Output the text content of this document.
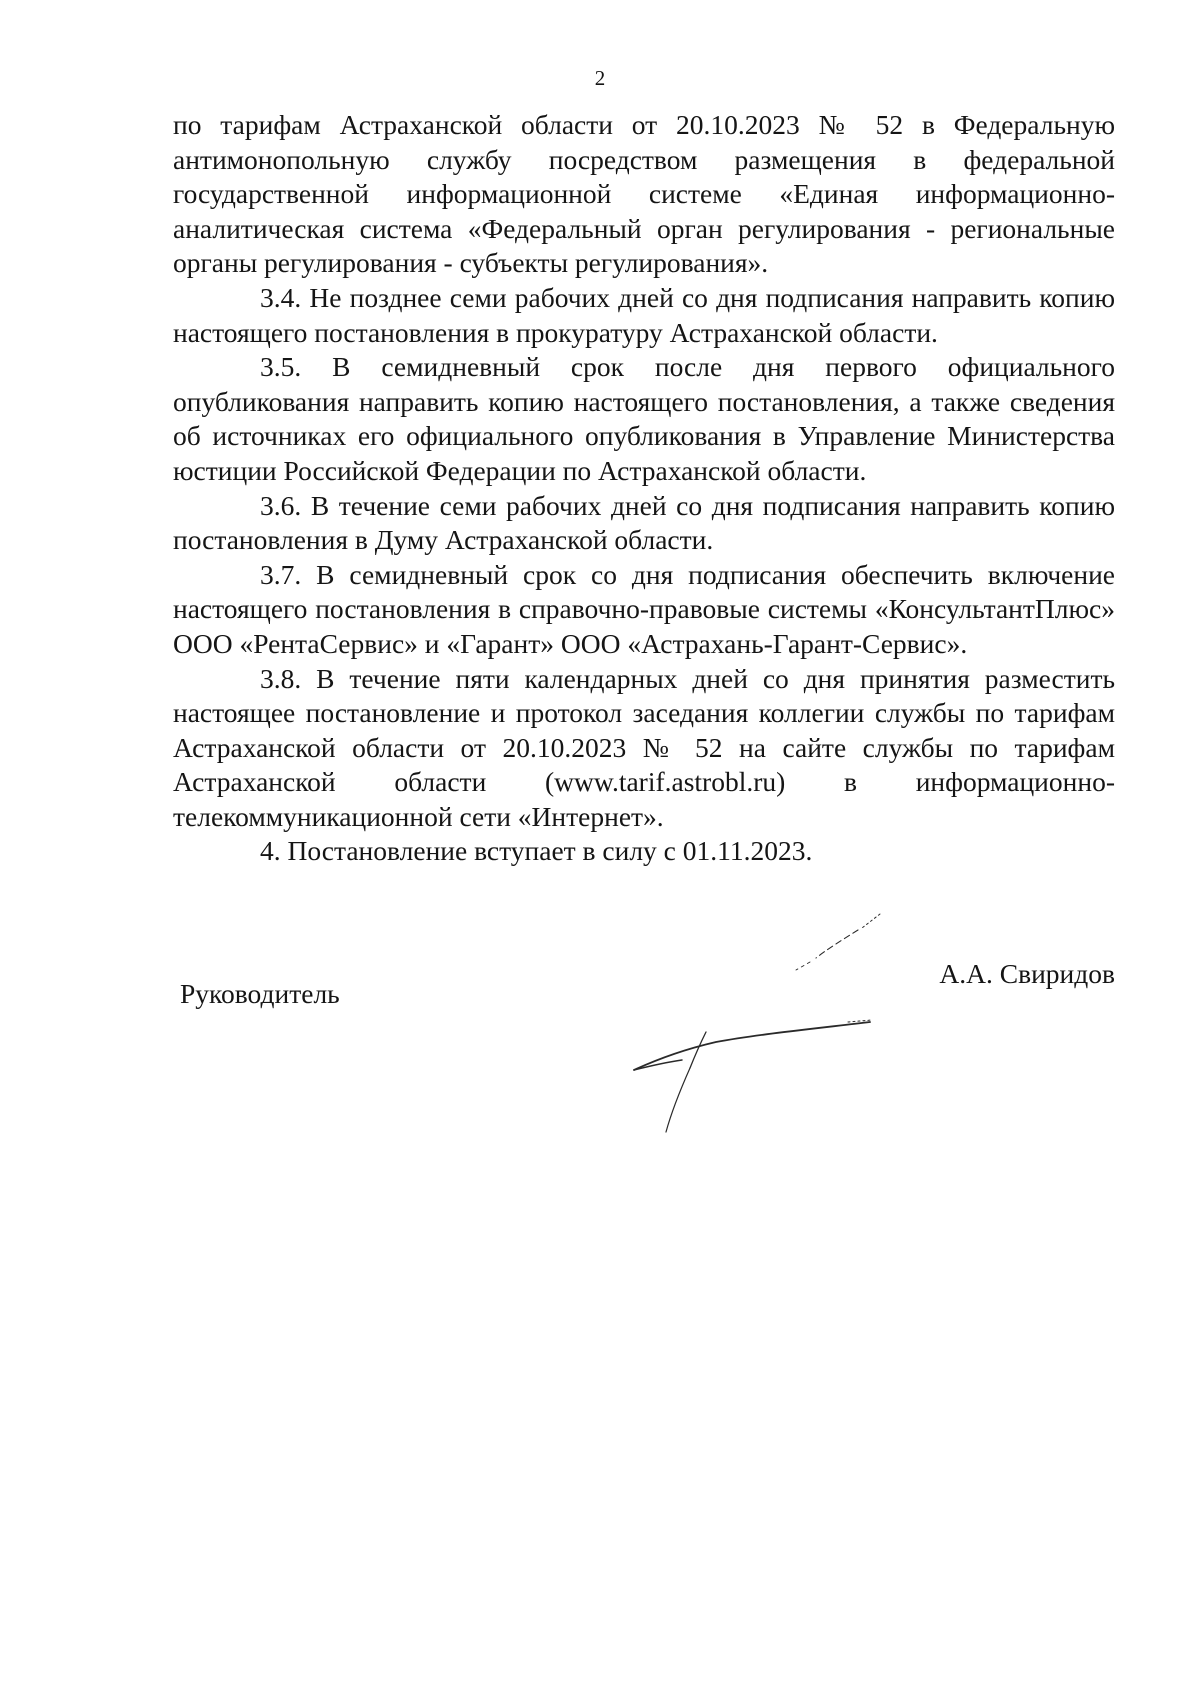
2

по тарифам Астраханской области от 20.10.2023 № 52 в Федеральную антимонопольную службу посредством размещения в федеральной государственной информационной системе «Единая информационно-аналитическая система «Федеральный орган регулирования - региональные органы регулирования - субъекты регулирования».

3.4. Не позднее семи рабочих дней со дня подписания направить копию настоящего постановления в прокуратуру Астраханской области.

3.5. В семидневный срок после дня первого официального опубликования направить копию настоящего постановления, а также сведения об источниках его официального опубликования в Управление Министерства юстиции Российской Федерации по Астраханской области.

3.6. В течение семи рабочих дней со дня подписания направить копию постановления в Думу Астраханской области.

3.7. В семидневный срок со дня подписания обеспечить включение настоящего постановления в справочно-правовые системы «КонсультантПлюс» ООО «РентаСервис» и «Гарант» ООО «Астрахань-Гарант-Сервис».

3.8. В течение пяти календарных дней со дня принятия разместить настоящее постановление и протокол заседания коллегии службы по тарифам Астраханской области от 20.10.2023 № 52 на сайте службы по тарифам Астраханской области (www.tarif.astrobl.ru) в информационно-телекоммуникационной сети «Интернет».

4. Постановление вступает в силу с 01.11.2023.

Руководитель
А.А. Свиридов
